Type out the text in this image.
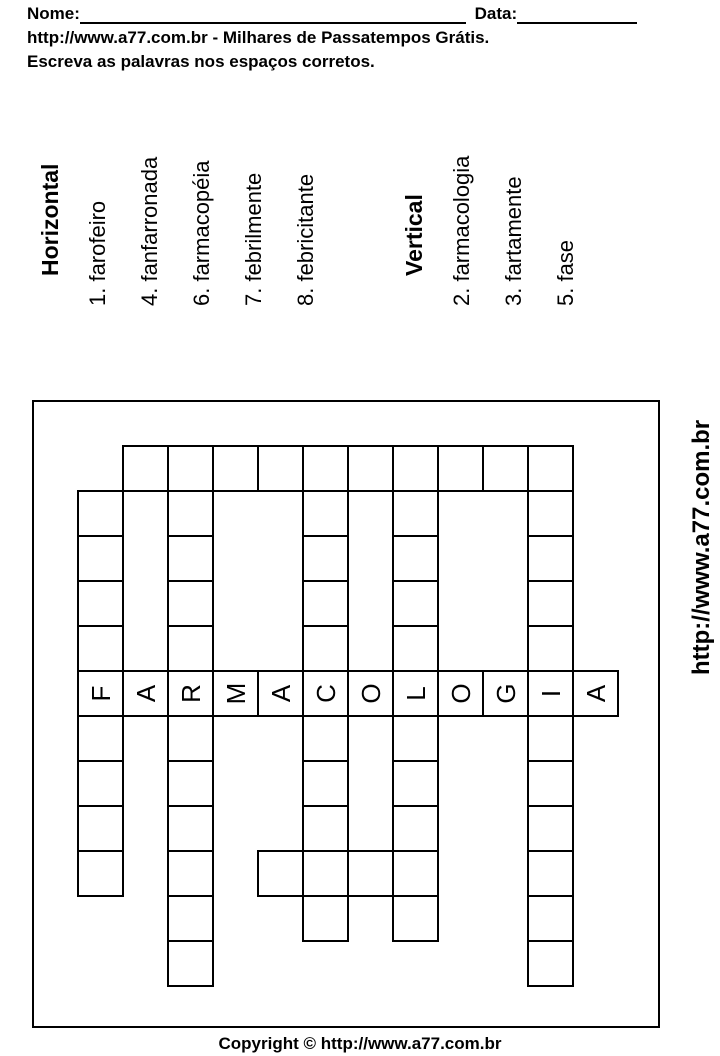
Nome:	Data:
http://www.a77.com.br - Milhares de Passatempos Grátis.
Escreva as palavras nos espaços corretos.
Horizontal 1. farofeiro 4. fanfarronada 6. farmacopéia 7. febrilmente 8. febricitante	Vertical 2. farmacologia 3. fartamente 5. fase
F R	C L	I
A M A O O G A
http://www.a77.com.br
Copyright © http://www.a77.com.br
